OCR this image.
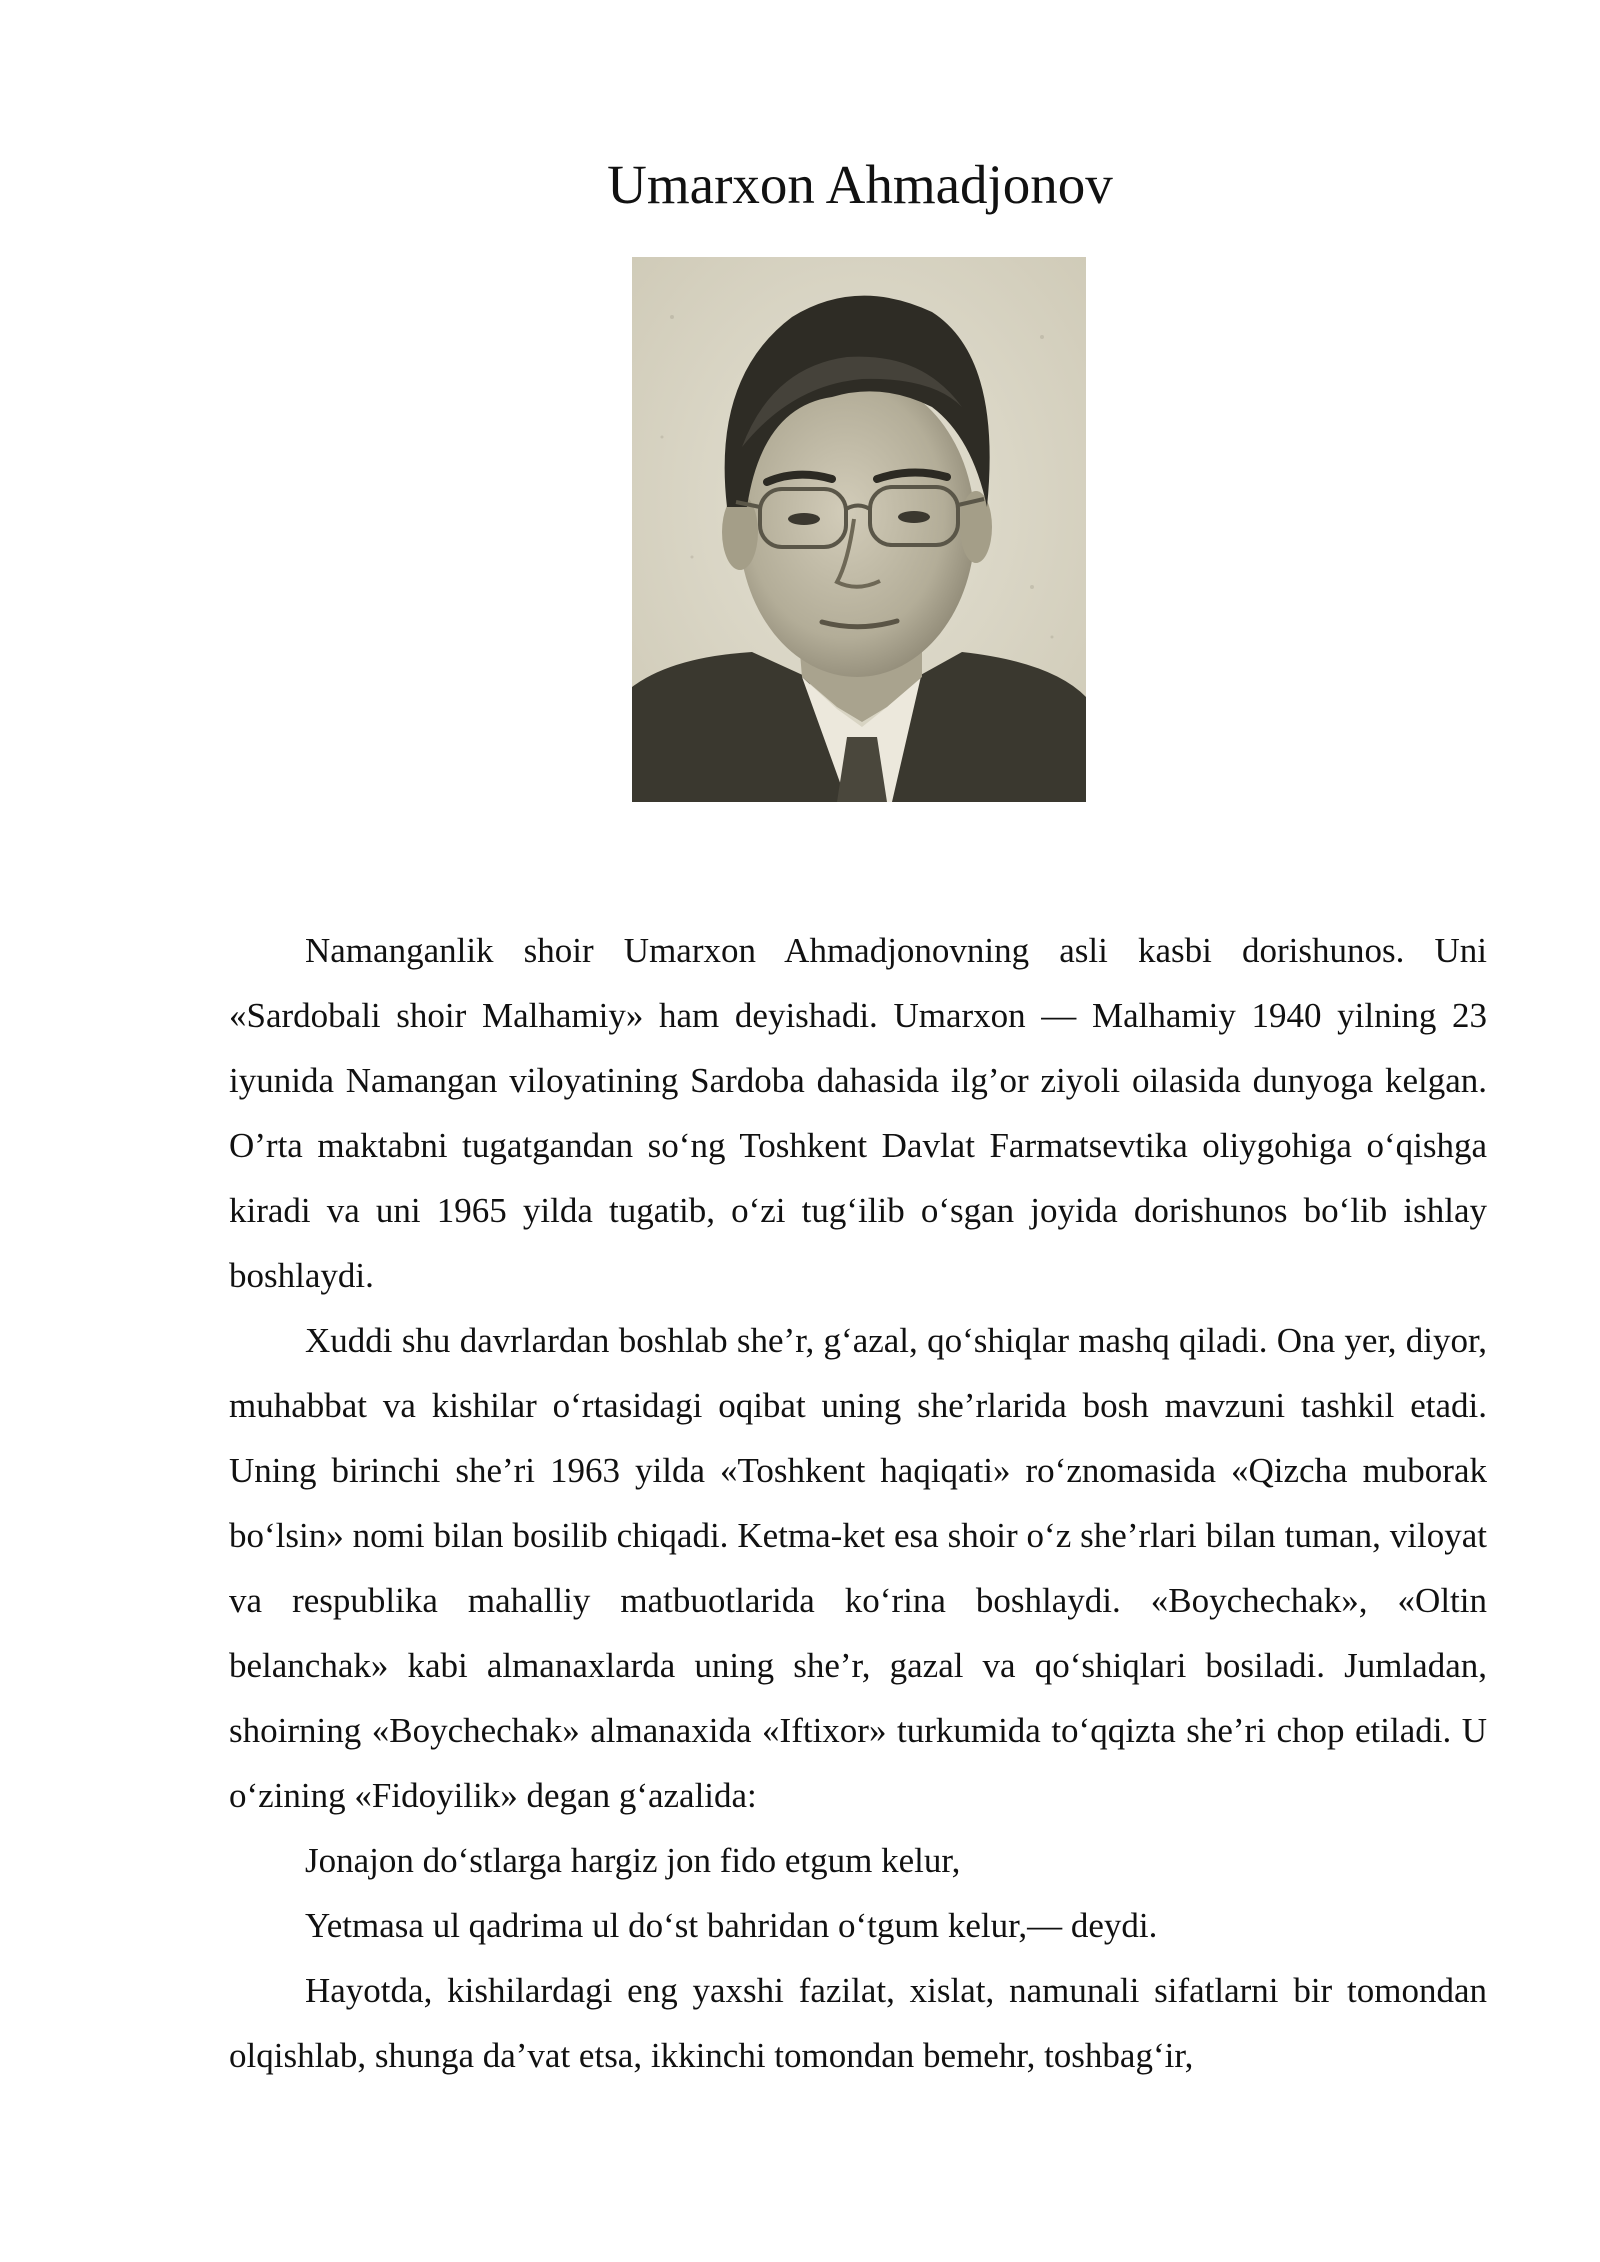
Umarxon Ahmadjonov

Namanganlik shoir Umarxon Ahmadjonovning asli kasbi dorishunos. Uni «Sardobali shoir Malhamiy» ham deyishadi. Umarxon — Malhamiy 1940 yilning 23 iyunida Namangan viloyatining Sardoba dahasida ilg’or ziyoli oilasida dunyoga kelgan. O’rta maktabni tugatgandan so‘ng Toshkent Davlat Farmatsevtika oliygohiga o‘qishga kiradi va uni 1965 yilda tugatib, o‘zi tug‘ilib o‘sgan joyida dorishunos bo‘lib ishlay boshlaydi.

Xuddi shu davrlardan boshlab she’r, g‘azal, qo‘shiqlar mashq qiladi. Ona yer, diyor, muhabbat va kishilar o‘rtasidagi oqibat uning she’rlarida bosh mavzuni tashkil etadi. Uning birinchi she’ri 1963 yilda «Toshkent haqiqati» ro‘znomasida «Qizcha muborak bo‘lsin» nomi bilan bosilib chiqadi. Ketma-ket esa shoir o‘z she’rlari bilan tuman, viloyat va respublika mahalliy matbuotlarida ko‘rina boshlaydi. «Boychechak», «Oltin belanchak» kabi almanaxlarda uning she’r, gazal va qo‘shiqlari bosiladi. Jumladan, shoirning «Boychechak» almanaxida «Iftixor» turkumida to‘qqizta she’ri chop etiladi. U o‘zining «Fidoyilik» degan g‘azalida:

Jonajon do‘stlarga hargiz jon fido etgum kelur,

Yetmasa ul qadrima ul do‘st bahridan o‘tgum kelur,— deydi.

Hayotda, kishilardagi eng yaxshi fazilat, xislat, namunali sifatlarni bir tomondan olqishlab, shunga da’vat etsa, ikkinchi tomondan bemehr, toshbag‘ir,
